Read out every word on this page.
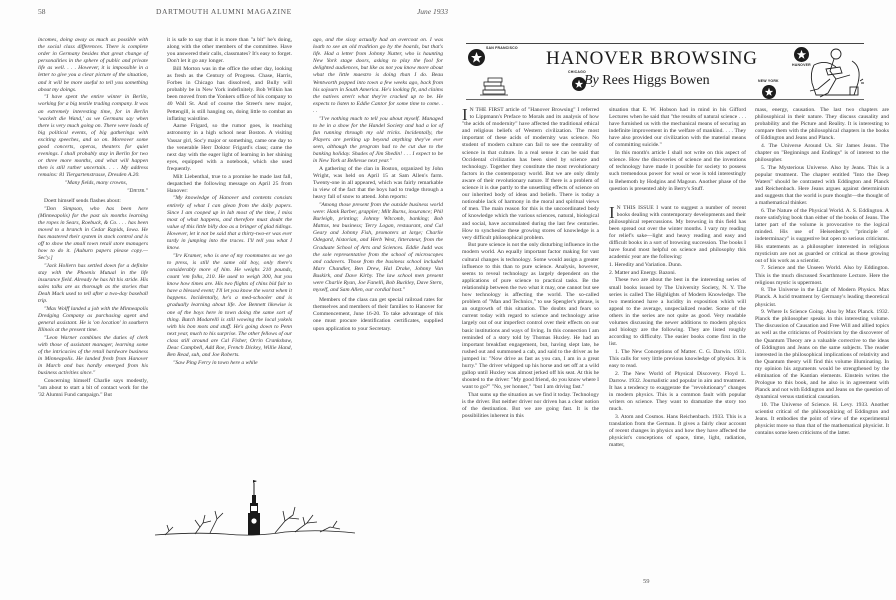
58	DARTMOUTH ALUMNI MAGAZINE	June 1933

incomes, doing away as much as possible with the social class differences. There is complete order in Germany besides that great change of personalities in the sphere of public and private life as well. . . . However, it is impossible in a letter to give you a clear picture of the situation, and it will be more useful to tell you something about my doings.

"I have spent the entire winter in Berlin, working for a big textile trading company. It was an extremely interesting time, for in Berlin 'wackelt die Wand,' as we Germans say when there is very much going on. There were loads of big political events, of big gatherings with exciting speeches, and so on. Moreover some good concerts, operas, theaters for quiet evenings. I shall probably stay in Berlin for two or three more months, and what will happen then is still rather uncertain. . . . My address remains: 81 Tiergartenstrasse, Dresden A.20.

"Many fields, many crowns,

"Dieter."

Doett himself sends flashes about:

"Don Simpson, who has been here (Minneapolis) for the past six months learning the ropes in Sears, Roebuck, & Co. . . . has been moved to a branch in Cedar Rapids, Iowa. He has mastered their system in stock control and is off to show the small town retail store managers how to do it. [Auburn papers please copy.—Sec'y.]

"Jack Hollern has settled down for a definite stay with the Phoenix Mutual in the life insurance field. Already he has hit his stride. His sales talks are as thorough as the stories that Deah Mack used to tell after a two-day baseball trip.

"Max Wolff landed a job with the Minneapolis Dredging Company as purchasing agent and general assistant. He is 'on location' in southern Illinois at the present time.

"Leon Warner combines the duties of clerk with those of assistant manager, learning some of the intricacies of the retail hardware business in Minneapolis. He landed fresh from Hanover in March and has hardly emerged from his business activities since."

Concerning himself Charlie says modestly, "am about to start a bit of contact work for the '32 Alumni Fund campaign." But

it is safe to say that it is more than "a bit" he's doing, along with the other members of the committee. Have you answered their calls, classmates? It's easy to forget. Don't let it go any longer.

Bill Morton was in the office the other day, looking as fresh as the Century of Progress. Chase, Harris, Forbes in Chicago has dissolved, and Bully will probably be in New York indefinitely. Bob Wilkin has been moved from the Yonkers office of his company to 40 Wall St. And of course the Street's new major, Pettengill, is still hanging on, doing little to combat an inflating waistline.

Aarne Frigard, so the rumor goes, is teaching astronomy in a high school near Boston. A visiting Vassar girl, Soc'y major or something, came one day to the venerable Herr Doktor Frigard's class; came the next day with the eager light of learning in her shining eyes, equipped with a notebook, which she used frequently.

Milt Liebenthal, true to a promise he made last fall, despatched the following message on April 25 from Hanover:

"My knowledge of Hanover and contents consists entirely of what I can glean from the daily papers. Since I am cooped up in lab most of the time, I miss most of what happens, and therefore must doubt the value of this little billy doo as a bringer of glad tidings. However, let it not be said that a thirty-two-er was ever tardy in jumping into the traces. I'll tell you what I know.

"Irv Kramer, who is one of my roommates as we go to press, is still the same old boy, only there's considerably more of him. He weighs 210 pounds, count 'em folks, 210. He used to weigh 300, but you know how times are. His two flights of chins bid fair to have a blessed event; I'll let you know the worst when it happens. Incidentally, he's a med-schooler and is gradually learning about life. Joe Bennett likewise is one of the boys here in town doing the same sort of thing. Butch Modarelli is still wowing the local yokels with his bon mots and stuff. He's going down to Penn next year, much to his surprise. The other fellows of our class still around are Cal Fisher, Orrin Crankshaw, Deac Campbell, Add Roe, French Dickey, Willie Hand, Ben Read, suh, and Joe Roberts.

"Saw Ping Ferry in town here a while

ago, and the sissy actually had an overcoat on. I was loath to see an old tradition go by the boards, but that's life. Had a letter from Johnny Nutter, who is haunting New York stage doors, asking to play the fool for delighted audiences, but like as not you know more about what the little maestro is doing than I do. Beau Wentworth popped into town a few weeks ago, back from his sojourn in South America. He's looking fit, and claims the natives aren't what they're cracked up to be. He expects to listen to Eddie Cantor for some time to come. . . .

"I've nothing much to tell you about myself. Managed to be in a show for the Handel Society and had a lot of fun running through my old tricks. Incidentally, the Players are perking up beyond anything they've ever seen, although the program had to be cut due to the banking holiday. Shades of Jim Shedin! . . . I expect to be in New York at Bellevue next year."

A gathering of the clan in Boston, organized by John Wright, was held on April 15 at Sam Allen's farm. Twenty-one in all appeared, which was fairly remarkable in view of the fact that the boys had to trudge through a heavy fall of snow to attend. John reports:

"Among those present from the outside business world were: Hank Barber, grappler; Milt Burns, insurance; Phil Burleigh, printing; Johnny Witcomb, banking; Bob Mattox, tea business; Terry Logan, restaurant, and Cal Geary and Johnny Fish, promoters at large; Charlie Odegard, historian, and Herb West, litterateur, from the Graduate School of Arts and Sciences. Eddie Judd was the sole representative from the school of microscopes and cadavers. Those from the business school included Marv Chandler, Ben Drew, Hal Drake, Johnny Van Buskirk, and Dave Kirby. The law school men present were Charlie Ryan, Joe Fanelli, Bob Buckley, Dave Stern, myself, and Sam Allen, our cordial host."

Members of the class can get special railroad rates for themselves and members of their families to Hanover for Commencement, June 16-20. To take advantage of this one must procure identification certificates, supplied upon application to your Secretary.

SAN FRANCISCO HANOVER BROWSING
CHICAGO
By Rees Higgs Bowen	NEW YORK
HANOVER

I N THE FIRST article of "Hanover Browsing" I referred to Lippmann's Preface to Morals and its analysis of how "the acids of modernity" have affected the traditional ethical and religious beliefs of Western civilization. The most important of these acids of modernity was science. No student of modern culture can fail to see the centrality of science in that culture. In a real sense it can be said that Occidental civilization has been sired by science and technology. Together they constitute the most revolutionary factors in the contemporary world. But we are only dimly aware of their revolutionary nature. If there is a problem of science it is due partly to the unsettling effects of science on our inherited body of ideas and beliefs. There is today a noticeable lack of harmony in the moral and spiritual views of men. The main reason for this is the uncoordinated body of knowledge which the various sciences, natural, biological and social, have accumulated during the last few centuries. How to synchesize these growing stores of knowledge is a very difficult philosophical problem.

But pure science is not the only disturbing influence in the modern world. An equally important factor making for vast cultural changes is technology. Some would assign a greater influence to this than to pure science. Analysis, however, seems to reveal technology as largely dependent on the applications of pure science to practical tasks. Be the relationship between the two what it may, one cannot but see how technology is affecting the world. The so-called problem of "Man and Technics," to use Spengler's phrase, is an outgrowth of this situation. The doubts and fears so current today with regard to science and technology arise largely out of our imperfect control over their effects on our basic institutions and ways of living. In this connection I am reminded of a story told by Thomas Huxley. He had an important breakfast engagement, but, having slept late, he rushed out and summoned a cab, and said to the driver as he jumped in: "Now drive as fast as you can, I am in a great hurry." The driver whipped up his horse and set off at a wild gallop until Huxley was almost jerked off his seat. At this he shouted to the driver: "My good friend, do you know where I want to go?" "No, yer honner," "but I am driving fast."

That sums up the situation as we find it today. Technology is the driver. But neither driver nor driven has a clear notion of the destination. But we are going fast. It is the possibilities inherent in this

situation that E. W. Hobson had in mind in his Gifford Lectures when he said that "the results of natural science . . . have furnished us with the mechanical means of securing an indefinite improvement in the welfare of mankind. . . . They have also provided our civilization with the material means of committing suicide."

In this month's article I shall not write on this aspect of science. How the discoveries of science and the inventions of technology have made it possible for society to possess such tremendous power for weal or woe is told interestingly in Behemoth by Hodgins and Magoun. Another phase of the question is presented ably in Berry's Stuff.

I N THIS ISSUE I want to suggest a number of recent books dealing with contemporary developments and their philosophical repercussions. My browsing in this field has been spread out over the winter months. I vary my reading for relief's sake—light and heavy reading and easy and difficult books in a sort of browsing succession. The books I have found most helpful on science and philosophy this academic year are the following:

1. Heredity and Variation. Dunn.

2. Matter and Energy. Bazoni.

These two are about the best in the interesting series of small books issued by The University Society, N. Y. The series is called The Highlights of Modern Knowledge. The two mentioned have a lucidity in exposition which will appeal to the average, unspecialized reader. Some of the others in the series are not quite as good. Very readable volumes discussing the newer additions to modern physics and biology are the following. They are listed roughly according to difficulty. The easier books come first in the list.

1. The New Conceptions of Matter. C. G. Darwin. 1931. This calls for very little previous knowledge of physics. It is easy to read.

2. The New World of Physical Discovery. Floyd L. Darrow. 1932. Journalistic and popular in aim and treatment. It has a tendency to exaggerate the "revolutionary" changes in modern physics. This is a common fault with popular writers on science. They want to dramatize the story too much.

3. Atom and Cosmos. Hans Reichenbach. 1933. This is a translation from the German. It gives a fairly clear account of recent changes in physics and how they have affected the physicist's conceptions of space, time, light, radiation, matter,

mass, energy, causation. The last two chapters are philosophical in their nature. They discuss causality and probability and the Picture and Reality. It is interesting to compare them with the philosophical chapters in the books of Eddington and Jeans and Planck.

4. The Universe Around Us. Sir James Jeans. The chapter on "Beginnings and Endings" is of interest to the philosopher.

5. The Mysterious Universe. Also by Jeans. This is a popular treatment. The chapter entitled "Into the Deep Waters" should be contrasted with Eddington and Planck and Reichenbach. Here Jeans argues against determinism and suggests that the world is pure thought—the thought of a mathematical thinker.

6. The Nature of the Physical World. A. S. Eddington. A more satisfying book than either of the books of Jeans. The latter part of the volume is provocative to the logical minded. His use of Heisenberg's "principle of indeterminacy" is suggestive but open to serious criticisms. His statements as a philosopher interested in religious mysticism are not as guarded or critical as those growing out of his work as a scientist.

7. Science and the Unseen World. Also by Eddington. This is the much discussed Swarthmore Lecture. Here the religious mystic is uppermost.

8. The Universe in the Light of Modern Physics. Max Planck. A lucid treatment by Germany's leading theoretical physicist.

9. Where Is Science Going. Also by Max Planck. 1932. Planck the philosopher speaks in this interesting volume. The discussion of Causation and Free Will and allied topics as well as the criticisms of Positivism by the discoverer of the Quantum Theory are a valuable corrective to the ideas of Eddington and Jeans on the same subjects. The reader interested in the philosophical implications of relativity and the Quantum theory will find this volume illuminating. In my opinion his arguments would be strengthened by the elimination of the Kantian elements. Einstein writes the Prologue to this book, and he also is in agreement with Planck and not with Eddington and Jeans on the question of dynamical versus statistical causation.

10. The Universe of Science. H. Levy. 1933. Another scientist critical of the philosophizing of Eddington and Jeans. It embodies the point of view of the experimental physicist more so than that of the mathematical physicist. It contains some keen criticisms of the latter.

59
